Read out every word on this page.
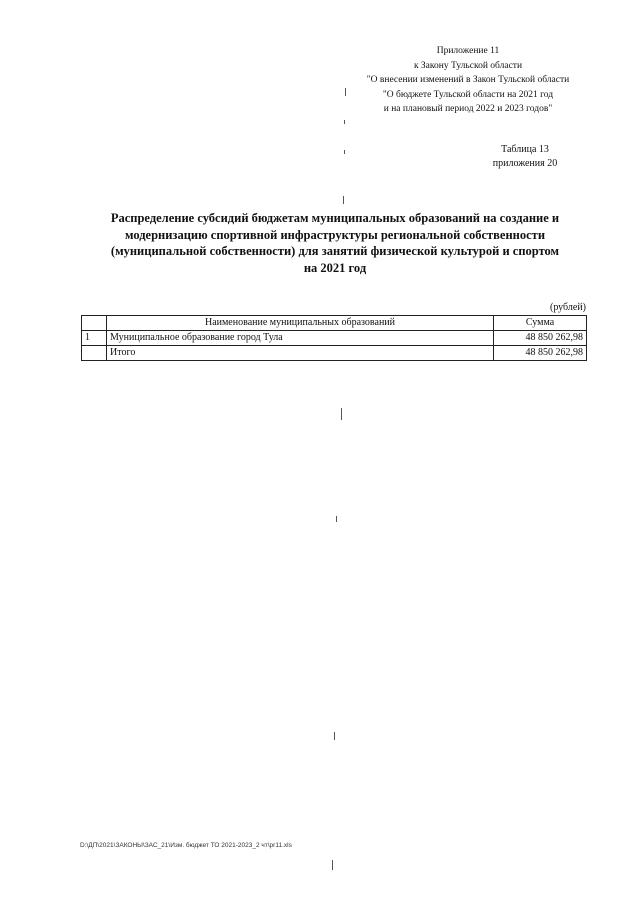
Приложение 11
к Закону Тульской области
"О внесении изменений в Закон Тульской области
"О бюджете Тульской области на 2021 год
и на плановый период 2022 и 2023 годов"
Таблица 13
приложения 20
Распределение субсидий бюджетам муниципальных образований на создание и
модернизацию спортивной инфраструктуры региональной собственности
(муниципальной собственности) для занятий физической культурой и спортом
на 2021 год
(рублей)
	Наименование муниципальных образований	Сумма
1	Муниципальное образование город Тула	48 850 262,98
	Итого	48 850 262,98
D:\ДП\2021\ЗАКОНЫ\ЗАС_21\Изм. бюджет ТО 2021-2023_2 чт\pr11.xls
